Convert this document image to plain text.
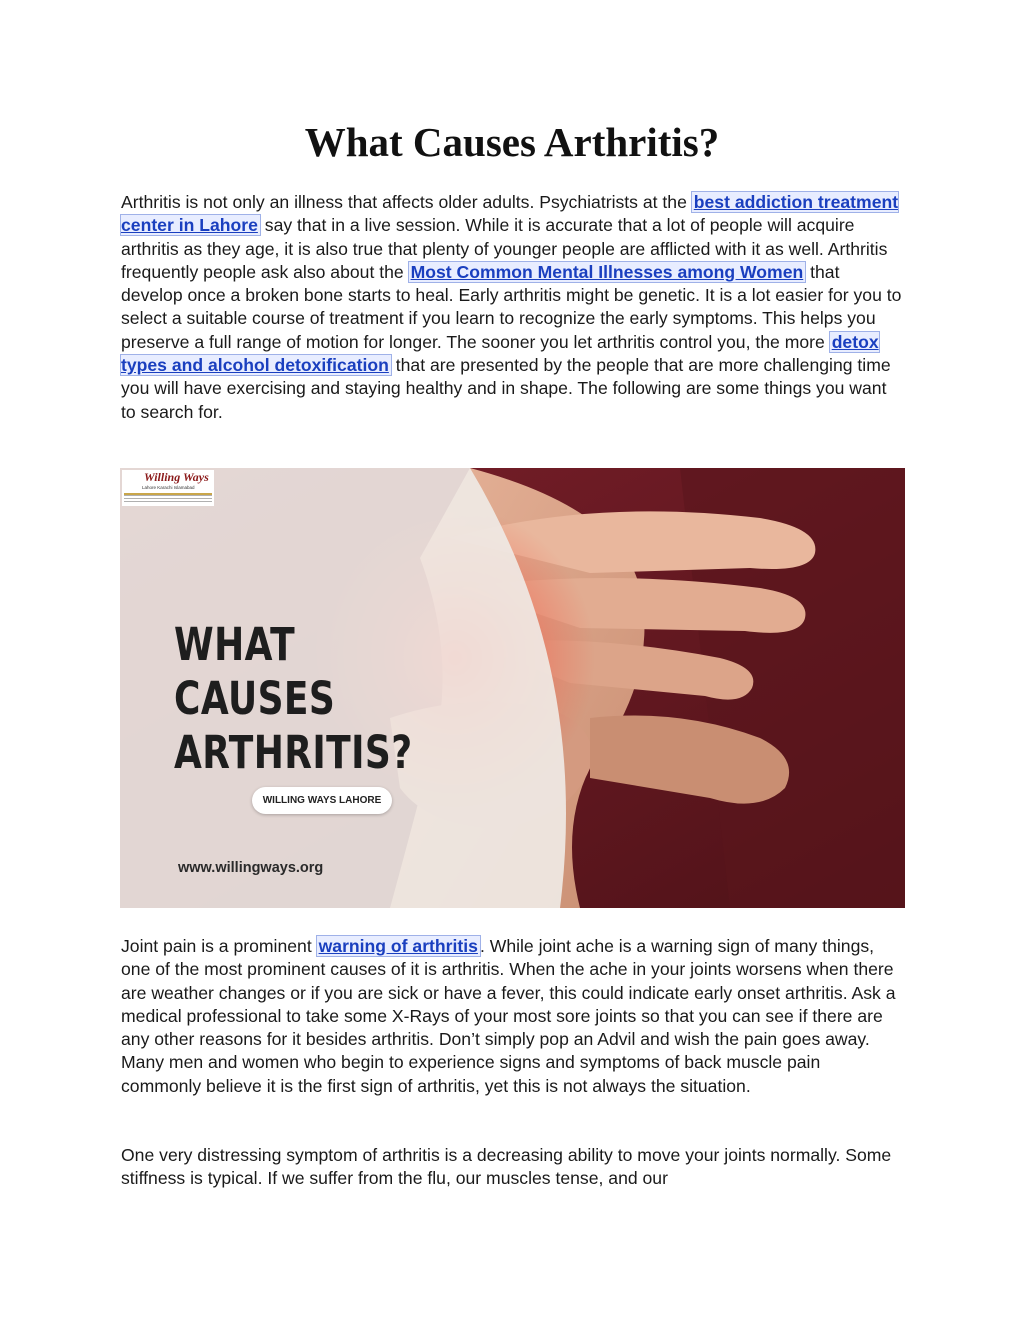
What Causes Arthritis?

Arthritis is not only an illness that affects older adults. Psychiatrists at the best addiction treatment center in Lahore say that in a live session. While it is accurate that a lot of people will acquire arthritis as they age, it is also true that plenty of younger people are afflicted with it as well. Arthritis frequently people ask also about the Most Common Mental Illnesses among Women that develop once a broken bone starts to heal. Early arthritis might be genetic. It is a lot easier for you to select a suitable course of treatment if you learn to recognize the early symptoms. This helps you preserve a full range of motion for longer. The sooner you let arthritis control you, the more detox types and alcohol detoxification that are presented by the people that are more challenging time you will have exercising and staying healthy and in shape. The following are some things you want to search for.

Willing Ways
Lahore Karachi Islamabad
WHAT CAUSES
ARTHRITIS?
WILLING WAYS LAHORE
www.willingways.org

Joint pain is a prominent warning of arthritis . While joint ache is a warning sign of many things, one of the most prominent causes of it is arthritis. When the ache in your joints worsens when there are weather changes or if you are sick or have a fever, this could indicate early onset arthritis. Ask a medical professional to take some X-Rays of your most sore joints so that you can see if there are any other reasons for it besides arthritis. Don’t simply pop an Advil and wish the pain goes away. Many men and women who begin to experience signs and symptoms of back muscle pain commonly believe it is the first sign of arthritis, yet this is not always the situation.

One very distressing symptom of arthritis is a decreasing ability to move your joints normally. Some stiffness is typical. If we suffer from the flu, our muscles tense, and our
